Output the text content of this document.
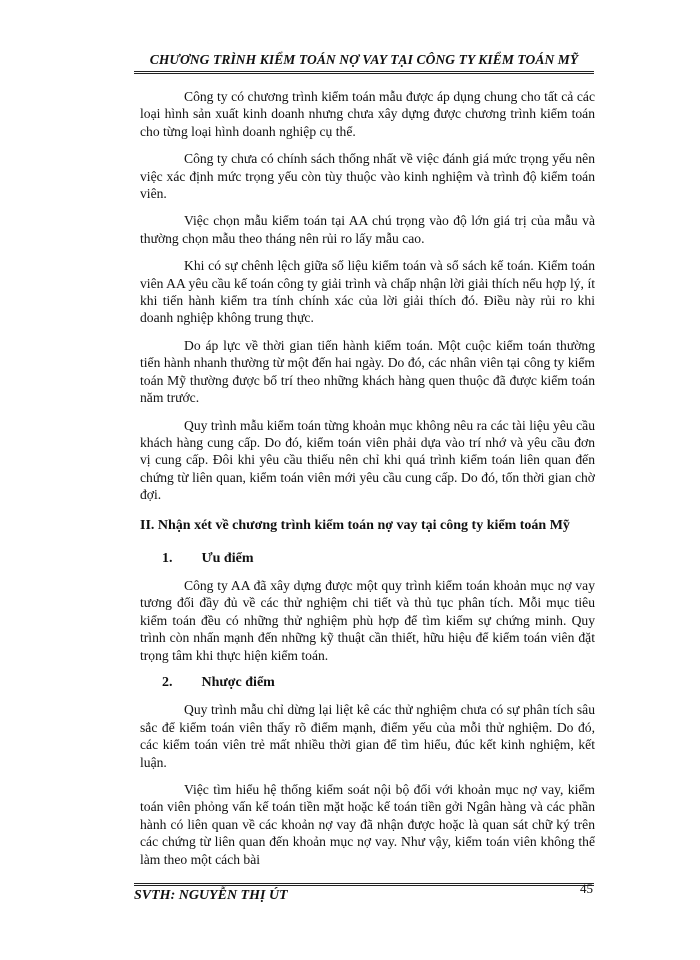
CHƯƠNG TRÌNH KIỂM TOÁN NỢ VAY TẠI CÔNG TY KIỂM TOÁN MỸ

Công ty có chương trình kiểm toán mẫu được áp dụng chung cho tất cả các loại hình sản xuất kinh doanh nhưng chưa xây dựng được chương trình kiểm toán cho từng loại hình doanh nghiệp cụ thể.

Công ty chưa có chính sách thống nhất về việc đánh giá mức trọng yếu nên việc xác định mức trọng yếu còn tùy thuộc vào kinh nghiệm và trình độ kiểm toán viên.

Việc chọn mẫu kiểm toán tại AA chú trọng vào độ lớn giá trị của mẫu và thường chọn mẫu theo tháng nên rủi ro lấy mẫu cao.

Khi có sự chênh lệch giữa số liệu kiểm toán và sổ sách kế toán. Kiểm toán viên AA yêu cầu kế toán công ty giải trình và chấp nhận lời giải thích nếu hợp lý, ít khi tiến hành kiểm tra tính chính xác của lời giải thích đó. Điều này rủi ro khi doanh nghiệp không trung thực.

Do áp lực về thời gian tiến hành kiểm toán. Một cuộc kiểm toán thường tiến hành nhanh thường từ một đến hai ngày. Do đó, các nhân viên tại công ty kiểm toán Mỹ thường được bố trí theo những khách hàng quen thuộc đã được kiểm toán năm trước.

Quy trình mẫu kiểm toán từng khoản mục không nêu ra các tài liệu yêu cầu khách hàng cung cấp. Do đó, kiểm toán viên phải dựa vào trí nhớ và yêu cầu đơn vị cung cấp. Đôi khi yêu cầu thiếu nên chỉ khi quá trình kiểm toán liên quan đến chứng từ liên quan, kiểm toán viên mới yêu cầu cung cấp. Do đó, tốn thời gian chờ đợi.

II. Nhận xét về chương trình kiểm toán nợ vay tại công ty kiểm toán Mỹ
1. Ưu điểm

Công ty AA đã xây dựng được một quy trình kiểm toán khoản mục nợ vay tương đối đầy đủ về các thử nghiệm chi tiết và thủ tục phân tích. Mỗi mục tiêu kiểm toán đều có những thử nghiệm phù hợp để tìm kiếm sự chứng minh. Quy trình còn nhấn mạnh đến những kỹ thuật cần thiết, hữu hiệu để kiểm toán viên đặt trọng tâm khi thực hiện kiểm toán.

2. Nhược điểm

Quy trình mẫu chỉ dừng lại liệt kê các thử nghiệm chưa có sự phân tích sâu sắc để kiểm toán viên thấy rõ điểm mạnh, điểm yếu của mỗi thử nghiệm. Do đó, các kiểm toán viên trẻ mất nhiều thời gian để tìm hiểu, đúc kết kinh nghiệm, kết luận.

Việc tìm hiểu hệ thống kiểm soát nội bộ đối với khoản mục nợ vay, kiểm toán viên phỏng vấn kế toán tiền mặt hoặc kế toán tiền gởi Ngân hàng và các phần hành có liên quan về các khoản nợ vay đã nhận được hoặc là quan sát chữ ký trên các chứng từ liên quan đến khoản mục nợ vay. Như vậy, kiểm toán viên không thể làm theo một cách bài

SVTH: NGUYỄN THỊ ÚT	45
